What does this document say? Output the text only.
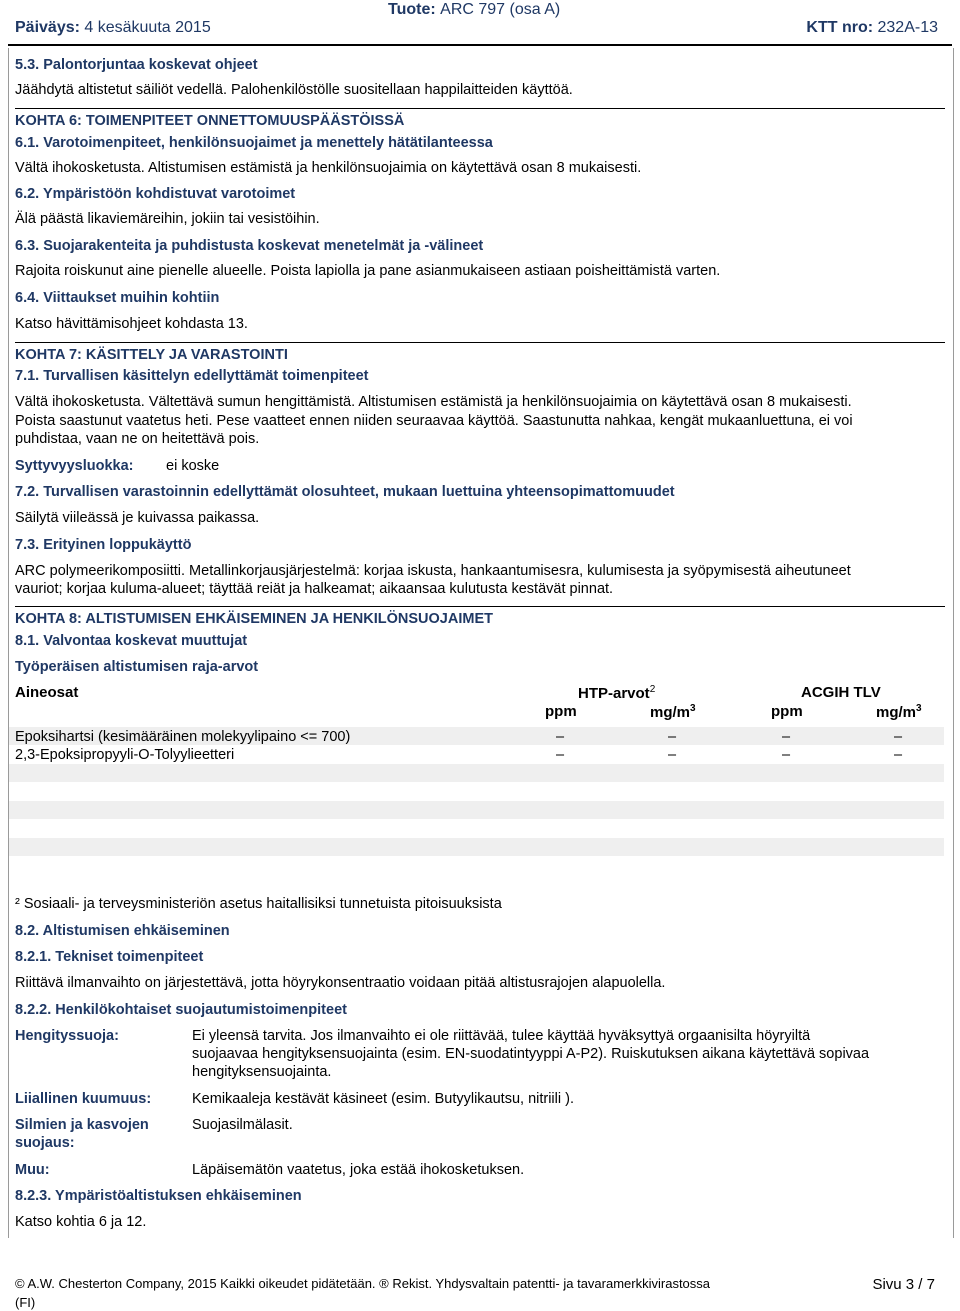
Päiväys: 4 kesäkuuta 2015
Tuote: ARC 797 (osa A)
KTT nro: 232A-13
5.3. Palontorjuntaa koskevat ohjeet
Jäähdytä altistetut säiliöt vedellä. Palohenkilöstölle suositellaan happilaitteiden käyttöä.
KOHTA 6: TOIMENPITEET ONNETTOMUUSPÄÄSTÖISSÄ
6.1. Varotoimenpiteet, henkilönsuojaimet ja menettely hätätilanteessa
Vältä ihokosketusta. Altistumisen estämistä ja henkilönsuojaimia on käytettävä osan 8 mukaisesti.
6.2. Ympäristöön kohdistuvat varotoimet
Älä päästä likaviemäreihin, jokiin tai vesistöihin.
6.3. Suojarakenteita ja puhdistusta koskevat menetelmät ja -välineet
Rajoita roiskunut aine pienelle alueelle. Poista lapiolla ja pane asianmukaiseen astiaan poisheittämistä varten.
6.4. Viittaukset muihin kohtiin
Katso hävittämisohjeet kohdasta 13.
KOHTA 7: KÄSITTELY JA VARASTOINTI
7.1. Turvallisen käsittelyn edellyttämät toimenpiteet
Vältä ihokosketusta. Vältettävä sumun hengittämistä. Altistumisen estämistä ja henkilönsuojaimia on käytettävä osan 8 mukaisesti.
Poista saastunut vaatetus heti. Pese vaatteet ennen niiden seuraavaa käyttöä. Saastunutta nahkaa, kengät mukaanluettuna, ei voi
puhdistaa, vaan ne on heitettävä pois.
Syttyvyysluokka: ei koske
7.2. Turvallisen varastoinnin edellyttämät olosuhteet, mukaan luettuina yhteensopimattomuudet
Säilytä viileässä je kuivassa paikassa.
7.3. Erityinen loppukäyttö
ARC polymeerikomposiitti. Metallinkorjausjärjestelmä: korjaa iskusta, hankaantumisesra, kulumisesta ja syöpymisestä aiheutuneet
vauriot; korjaa kuluma-alueet; täyttää reiät ja halkeamat; aikaansaa kulutusta kestävät pinnat.
KOHTA 8: ALTISTUMISEN EHKÄISEMINEN JA HENKILÖNSUOJAIMET
8.1. Valvontaa koskevat muuttujat
Työperäisen altistumisen raja-arvot
Aineosat	HTP-arvot$^2$	ACGIH TLV
ppm	$mg/m^3$	ppm	$mg/m^3$
Epoksihartsi (kesimääräinen molekyylipaino <= 700)	–	–	–	–
2,3-Epoksipropyyli-O-Tolyylieetteri	–	–	–	–
² Sosiaali- ja terveysministeriön asetus haitallisiksi tunnetuista pitoisuuksista
8.2. Altistumisen ehkäiseminen
8.2.1. Tekniset toimenpiteet
Riittävä ilmanvaihto on järjestettävä, jotta höyrykonsentraatio voidaan pitää altistusrajojen alapuolella.
8.2.2. Henkilökohtaiset suojautumistoimenpiteet
Hengityssuoja:	Ei yleensä tarvita. Jos ilmanvaihto ei ole riittävää, tulee käyttää hyväksyttyä orgaanisilta höyryiltä
suojaavaa hengityksensuojainta (esim. EN-suodatintyyppi A-P2). Ruiskutuksen aikana käytettävä sopivaa
hengityksensuojainta.
Liiallinen kuumuus:	Kemikaaleja kestävät käsineet (esim. Butyylikautsu, nitriili ).
Silmien ja kasvojen
suojaus:
Suojasilmälasit.
Muu:	Läpäisemätön vaatetus, joka estää ihokosketuksen.
8.2.3. Ympäristöaltistuksen ehkäiseminen
Katso kohtia 6 ja 12.
© A.W. Chesterton Company, 2015 Kaikki oikeudet pidätetään. ® Rekist. Yhdysvaltain patentti- ja tavaramerkkivirastossa
(FI)
Sivu 3 / 7
